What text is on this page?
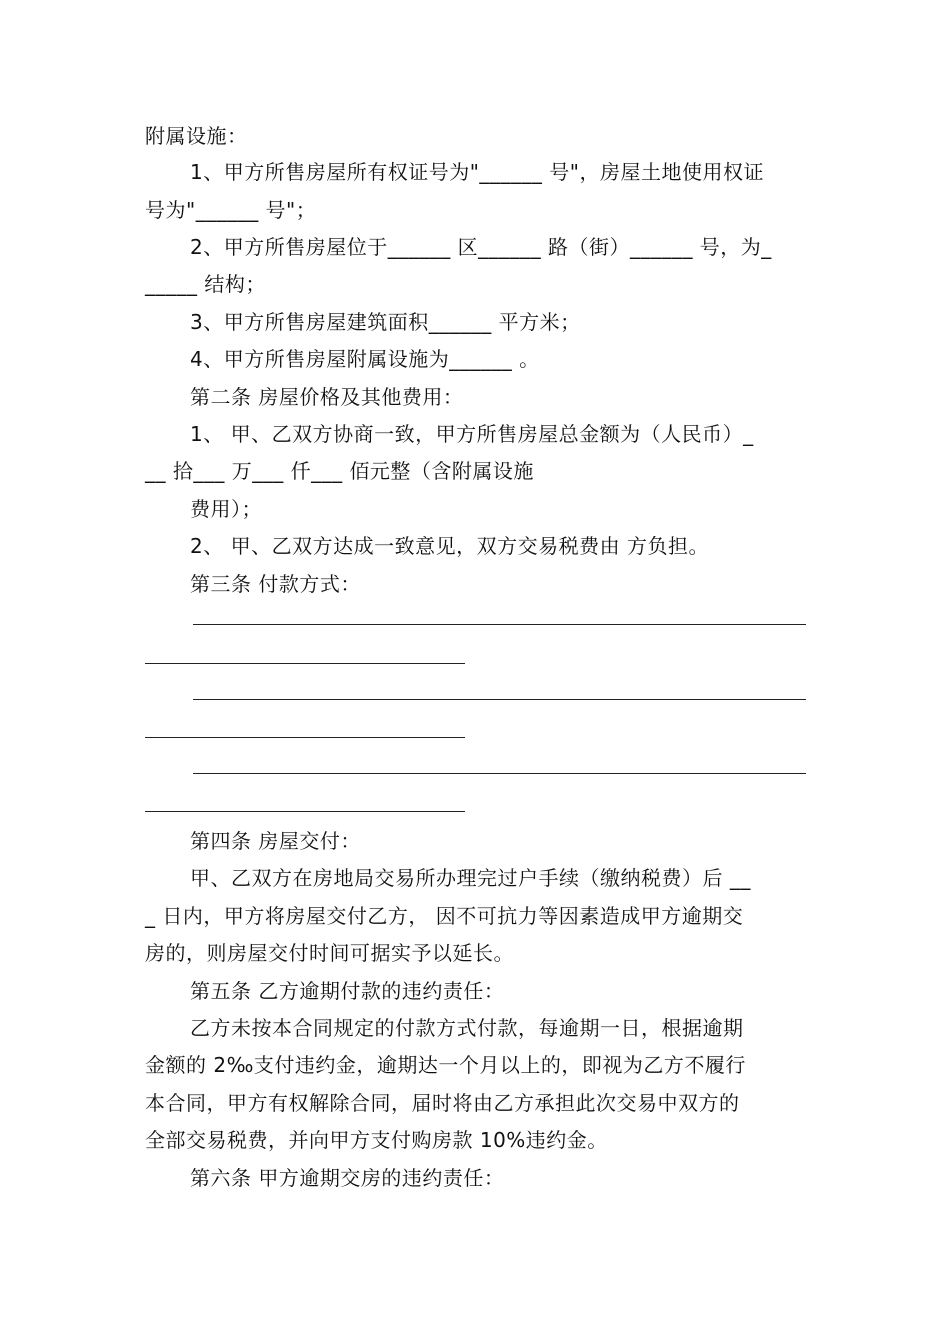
附属设施：
1、甲方所售房屋所有权证号为"______ 号"，房屋土地使用权证
号为"______ 号"；
2、甲方所售房屋位于______ 区______ 路（街）______ 号，为_
_____ 结构；
3、甲方所售房屋建筑面积______ 平方米；
4、甲方所售房屋附属设施为______ 。
第二条 房屋价格及其他费用：
1、 甲、乙双方协商一致，甲方所售房屋总金额为（人民币）_
__ 拾___ 万___ 仟___ 佰元整（含附属设施
费用）；
2、 甲、乙双方达成一致意见，双方交易税费由 方负担。
第三条 付款方式：
第四条 房屋交付：
甲、乙双方在房地局交易所办理完过户手续（缴纳税费）后 __
_ 日内，甲方将房屋交付乙方， 因不可抗力等因素造成甲方逾期交
房的，则房屋交付时间可据实予以延长。
第五条 乙方逾期付款的违约责任：
乙方未按本合同规定的付款方式付款，每逾期一日，根据逾期
金额的 2‰支付违约金，逾期达一个月以上的，即视为乙方不履行
本合同，甲方有权解除合同，届时将由乙方承担此次交易中双方的
全部交易税费，并向甲方支付购房款 10%违约金。
第六条 甲方逾期交房的违约责任：
